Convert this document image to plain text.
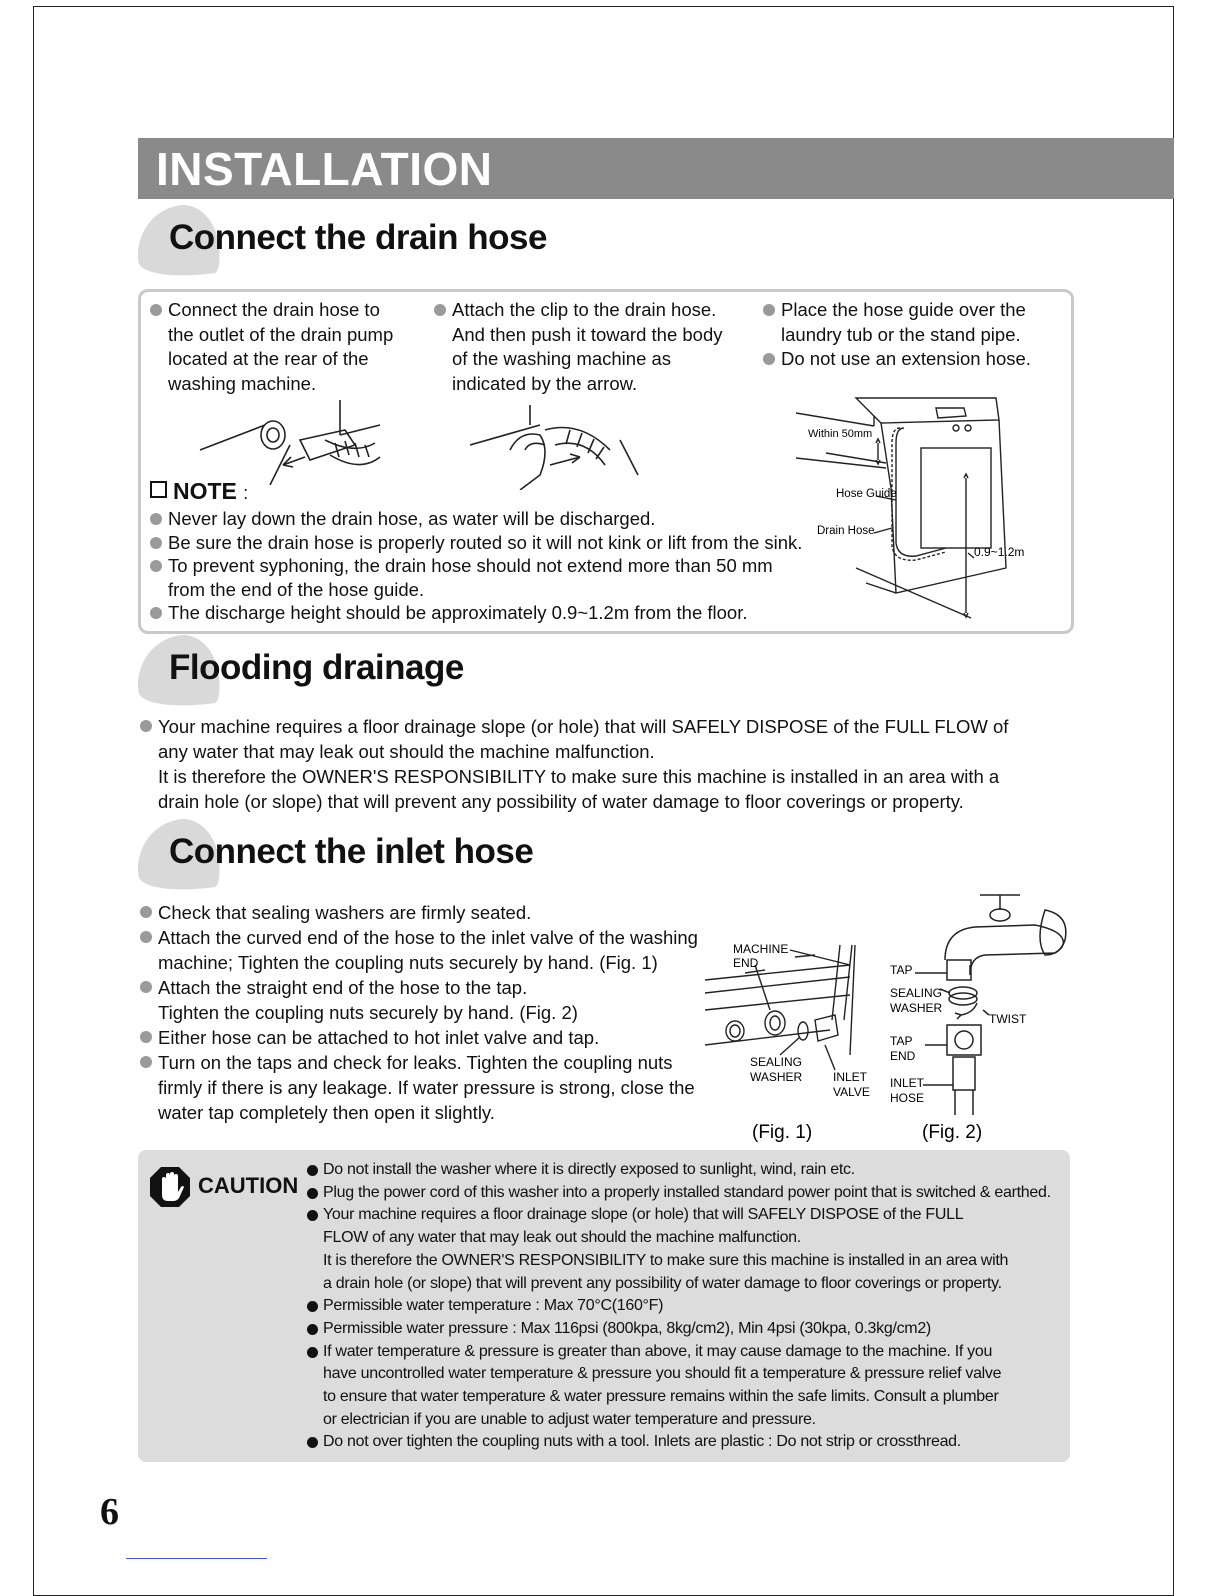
INSTALLATION
Connect the drain hose
Connect the drain hose to
the outlet of the drain pump
located at the rear of the
washing machine.
Attach the clip to the drain hose.
And then push it toward the body
of the washing machine as
indicated by the arrow.
Place the hose guide over the
laundry tub or the stand pipe.
Do not use an extension hose.
Within 50mm
Hose Guide
Drain Hose
0.9~1.2m
NOTE :
Never lay down the drain hose, as water will be discharged.
Be sure the drain hose is properly routed so it will not kink or lift from the sink.
To prevent syphoning, the drain hose should not extend more than 50 mm
from the end of the hose guide.
The discharge height should be approximately 0.9~1.2m from the floor.
Flooding drainage
Your machine requires a floor drainage slope (or hole) that will SAFELY DISPOSE of the FULL FLOW of
any water that may leak out should the machine malfunction.
It is therefore the OWNER'S RESPONSIBILITY to make sure this machine is installed in an area with a
drain hole (or slope) that will prevent any possibility of water damage to floor coverings or property.
Connect the inlet hose
Check that sealing washers are firmly seated.
Attach the curved end of the hose to the inlet valve of the washing
machine; Tighten the coupling nuts securely by hand. (Fig. 1)
Attach the straight end of the hose to the tap.
Tighten the coupling nuts securely by hand. (Fig. 2)
Either hose can be attached to hot inlet valve and tap.
Turn on the taps and check for leaks. Tighten the coupling nuts
firmly if there is any leakage. If water pressure is strong, close the
water tap completely then open it slightly.
MACHINE
END
SEALING
WASHER	INLET
VALVE
(Fig. 1)
TAP
SEALING
WASHER
TWIST
TAP
END
INLET
HOSE
(Fig. 2)
CAUTION
Do not install the washer where it is directly exposed to sunlight, wind, rain etc.
Plug the power cord of this washer into a properly installed standard power point that is switched & earthed.
Your machine requires a floor drainage slope (or hole) that will SAFELY DISPOSE of the FULL
FLOW of any water that may leak out should the machine malfunction.
It is therefore the OWNER'S RESPONSIBILITY to make sure this machine is installed in an area with
a drain hole (or slope) that will prevent any possibility of water damage to floor coverings or property.
Permissible water temperature : Max 70°C(160°F)
Permissible water pressure : Max 116psi (800kpa, 8kg/cm2), Min 4psi (30kpa, 0.3kg/cm2)
If water temperature & pressure is greater than above, it may cause damage to the machine. If you
have uncontrolled water temperature & pressure you should fit a temperature & pressure relief valve
to ensure that water temperature & water pressure remains within the safe limits. Consult a plumber
or electrician if you are unable to adjust water temperature and pressure.
Do not over tighten the coupling nuts with a tool. Inlets are plastic : Do not strip or crossthread.
6
